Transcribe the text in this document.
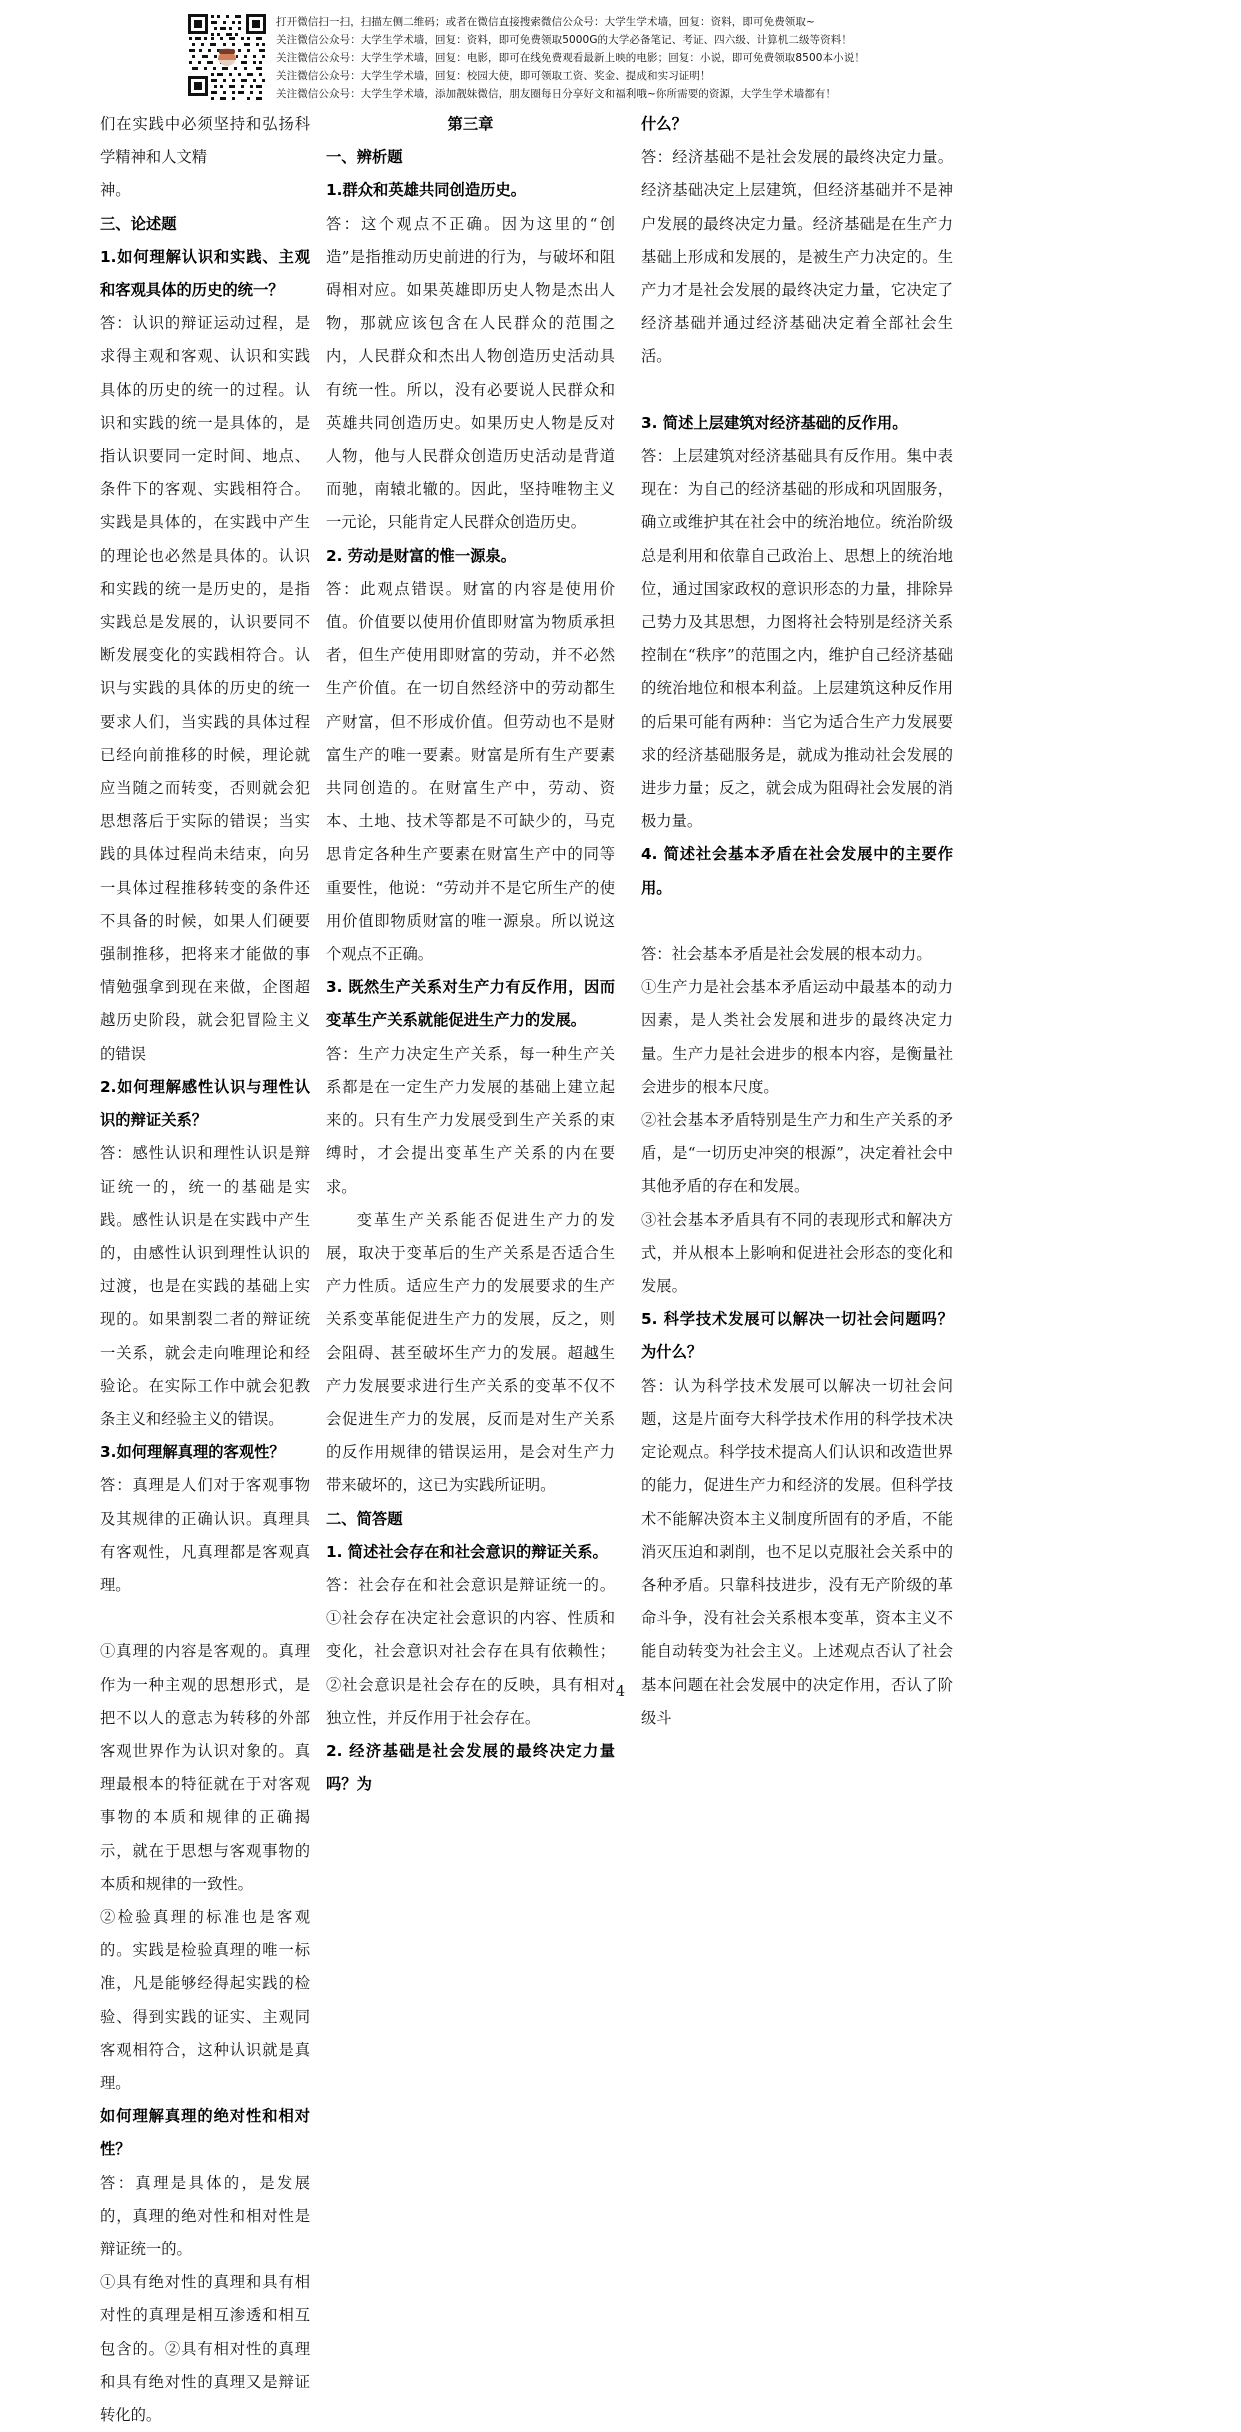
打开微信扫一扫，扫描左侧二维码；或者在微信直接搜索微信公众号：大学生学术墙，回复：资料，即可免费领取~
关注微信公众号：大学生学术墙，回复：资料，即可免费领取5000G的大学必备笔记、考证、四六级、计算机二级等资料！
关注微信公众号：大学生学术墙，回复：电影，即可在线免费观看最新上映的电影；回复：小说，即可免费领取8500本小说！
关注微信公众号：大学生学术墙，回复：校园大使，即可领取工资、奖金、提成和实习证明！
关注微信公众号：大学生学术墙，添加靓妹微信，朋友圈每日分享好文和福利哦~你所需要的资源，大学生学术墙都有！

们在实践中必须坚持和弘扬科学精神和人文精

神。

三、论述题

1.如何理解认识和实践、主观和客观具体的历史的统一？

答：认识的辩证运动过程，是求得主观和客观、认识和实践具体的历史的统一的过程。认识和实践的统一是具体的，是指认识要同一定时间、地点、条件下的客观、实践相符合。实践是具体的，在实践中产生的理论也必然是具体的。认识和实践的统一是历史的，是指实践总是发展的，认识要同不断发展变化的实践相符合。认识与实践的具体的历史的统一要求人们，当实践的具体过程已经向前推移的时候，理论就应当随之而转变，否则就会犯思想落后于实际的错误；当实践的具体过程尚未结束，向另一具体过程推移转变的条件还不具备的时候，如果人们硬要强制推移，把将来才能做的事情勉强拿到现在来做，企图超越历史阶段，就会犯冒险主义的错误

2.如何理解感性认识与理性认识的辩证关系？

答：感性认识和理性认识是辩证统一的，统一的基础是实践。感性认识是在实践中产生的，由感性认识到理性认识的过渡，也是在实践的基础上实现的。如果割裂二者的辩证统一关系，就会走向唯理论和经验论。在实际工作中就会犯教条主义和经验主义的错误。

3.如何理解真理的客观性？

答：真理是人们对于客观事物及其规律的正确认识。真理具有客观性，凡真理都是客观真理。

①真理的内容是客观的。真理作为一种主观的思想形式，是把不以人的意志为转移的外部客观世界作为认识对象的。真理最根本的特征就在于对客观事物的本质和规律的正确揭示，就在于思想与客观事物的本质和规律的一致性。

②检验真理的标准也是客观的。实践是检验真理的唯一标准，凡是能够经得起实践的检验、得到实践的证实、主观同客观相符合，这种认识就是真理。

如何理解真理的绝对性和相对性？

答：真理是具体的，是发展的，真理的绝对性和相对性是辩证统一的。

①具有绝对性的真理和具有相对性的真理是相互渗透和相互包含的。②具有相对性的真理和具有绝对性的真理又是辩证转化的。

第三章

一、辨析题

1.群众和英雄共同创造历史。

答：这个观点不正确。因为这里的“创造”是指推动历史前进的行为，与破坏和阻碍相对应。如果英雄即历史人物是杰出人物，那就应该包含在人民群众的范围之内，人民群众和杰出人物创造历史活动具有统一性。所以，没有必要说人民群众和英雄共同创造历史。如果历史人物是反对人物，他与人民群众创造历史活动是背道而驰，南辕北辙的。因此，坚持唯物主义一元论，只能肯定人民群众创造历史。

2. 劳动是财富的惟一源泉。

答：此观点错误。财富的内容是使用价值。价值要以使用价值即财富为物质承担者，但生产使用即财富的劳动，并不必然生产价值。在一切自然经济中的劳动都生产财富，但不形成价值。但劳动也不是财富生产的唯一要素。财富是所有生产要素共同创造的。在财富生产中，劳动、资本、土地、技术等都是不可缺少的，马克思肯定各种生产要素在财富生产中的同等重要性，他说：“劳动并不是它所生产的使用价值即物质财富的唯一源泉。所以说这个观点不正确。

3. 既然生产关系对生产力有反作用，因而变革生产关系就能促进生产力的发展。

答：生产力决定生产关系，每一种生产关系都是在一定生产力发展的基础上建立起来的。只有生产力发展受到生产关系的束缚时，才会提出变革生产关系的内在要求。

变革生产关系能否促进生产力的发展，取决于变革后的生产关系是否适合生产力性质。适应生产力的发展要求的生产关系变革能促进生产力的发展，反之，则会阻碍、甚至破坏生产力的发展。超越生产力发展要求进行生产关系的变革不仅不会促进生产力的发展，反而是对生产关系的反作用规律的错误运用，是会对生产力带来破坏的，这已为实践所证明。

二、简答题

1. 简述社会存在和社会意识的辩证关系。

答：社会存在和社会意识是辩证统一的。①社会存在决定社会意识的内容、性质和变化，社会意识对社会存在具有依赖性；②社会意识是社会存在的反映，具有相对独立性，并反作用于社会存在。

2. 经济基础是社会发展的最终决定力量吗？为

什么？

答：经济基础不是社会发展的最终决定力量。经济基础决定上层建筑，但经济基础并不是神户发展的最终决定力量。经济基础是在生产力基础上形成和发展的，是被生产力决定的。生产力才是社会发展的最终决定力量，它决定了经济基础并通过经济基础决定着全部社会生活。

3. 简述上层建筑对经济基础的反作用。

答：上层建筑对经济基础具有反作用。集中表现在：为自己的经济基础的形成和巩固服务，确立或维护其在社会中的统治地位。统治阶级总是利用和依靠自己政治上、思想上的统治地位，通过国家政权的意识形态的力量，排除异己势力及其思想，力图将社会特别是经济关系控制在“秩序”的范围之内，维护自己经济基础的统治地位和根本利益。上层建筑这种反作用的后果可能有两种：当它为适合生产力发展要求的经济基础服务是，就成为推动社会发展的进步力量；反之，就会成为阻碍社会发展的消极力量。

4. 简述社会基本矛盾在社会发展中的主要作用。

答：社会基本矛盾是社会发展的根本动力。

①生产力是社会基本矛盾运动中最基本的动力因素，是人类社会发展和进步的最终决定力量。生产力是社会进步的根本内容，是衡量社会进步的根本尺度。

②社会基本矛盾特别是生产力和生产关系的矛盾，是“一切历史冲突的根源”，决定着社会中其他矛盾的存在和发展。

③社会基本矛盾具有不同的表现形式和解决方式，并从根本上影响和促进社会形态的变化和发展。

5. 科学技术发展可以解决一切社会问题吗？为什么？

答：认为科学技术发展可以解决一切社会问题，这是片面夸大科学技术作用的科学技术决定论观点。科学技术提高人们认识和改造世界的能力，促进生产力和经济的发展。但科学技术不能解决资本主义制度所固有的矛盾，不能消灭压迫和剥削，也不足以克服社会关系中的各种矛盾。只靠科技进步，没有无产阶级的革命斗争，没有社会关系根本变革，资本主义不能自动转变为社会主义。上述观点否认了社会基本问题在社会发展中的决定作用，否认了阶级斗

4
